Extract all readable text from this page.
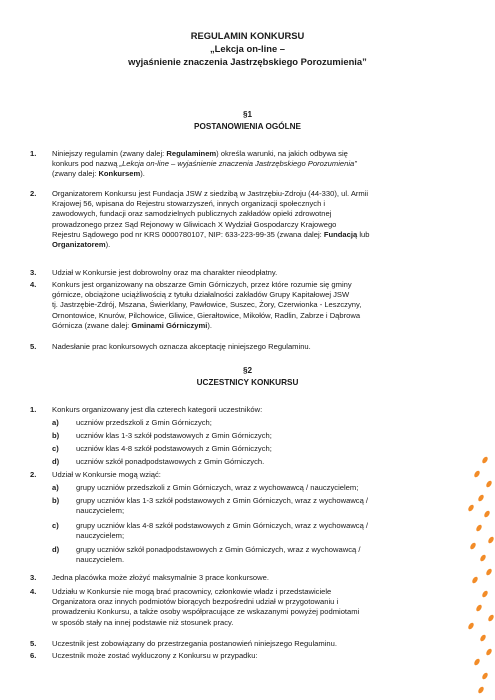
REGULAMIN KONKURSU
„Lekcja on-line –
wyjaśnienie znaczenia Jastrzębskiego Porozumienia”
§1
POSTANOWIENIA OGÓLNE
1. Niniejszy regulamin (zwany dalej: Regulaminem) określa warunki, na jakich odbywa się
konkurs pod nazwą „Lekcja on-line – wyjaśnienie znaczenia Jastrzębskiego Porozumienia”
(zwany dalej: Konkursem).
2. Organizatorem Konkursu jest Fundacja JSW z siedzibą w Jastrzębiu-Zdroju (44-330), ul. Armii
Krajowej 56, wpisana do Rejestru stowarzyszeń, innych organizacji społecznych i
zawodowych, fundacji oraz samodzielnych publicznych zakładów opieki zdrowotnej
prowadzonego przez Sąd Rejonowy w Gliwicach X Wydział Gospodarczy Krajowego
Rejestru Sądowego pod nr KRS 0000780107, NIP: 633-223-99-35 (zwana dalej: Fundacją lub
Organizatorem).
3. Udział w Konkursie jest dobrowolny oraz ma charakter nieodpłatny.
4. Konkurs jest organizowany na obszarze Gmin Górniczych, przez które rozumie się gminy
górnicze, obciążone uciążliwością z tytułu działalności zakładów Grupy Kapitałowej JSW
tj. Jastrzębie-Zdrój, Mszana, Świerklany, Pawłowice, Suszec, Żory, Czerwionka - Leszczyny,
Ornontowice, Knurów, Pilchowice, Gliwice, Gierałtowice, Mikołów, Radlin, Zabrze i Dąbrowa
Górnicza (zwane dalej: Gminami Górniczymi).
5. Nadesłanie prac konkursowych oznacza akceptację niniejszego Regulaminu.
§2
UCZESTNICY KONKURSU
1. Konkurs organizowany jest dla czterech kategorii uczestników:
a) uczniów przedszkoli z Gmin Górniczych;
b) uczniów klas 1-3 szkół podstawowych z Gmin Górniczych;
c) uczniów klas 4-8 szkół podstawowych z Gmin Górniczych;
d) uczniów szkół ponadpodstawowych z Gmin Górniczych.
2. Udział w Konkursie mogą wziąć:
a) grupy uczniów przedszkoli z Gmin Górniczych, wraz z wychowawcą / nauczycielem;
b) grupy uczniów klas 1-3 szkół podstawowych z Gmin Górniczych, wraz z wychowawcą /
nauczycielem;
c) grupy uczniów klas 4-8 szkół podstawowych z Gmin Górniczych, wraz z wychowawcą /
nauczycielem;
d) grupy uczniów szkół ponadpodstawowych z Gmin Górniczych, wraz z wychowawcą /
nauczycielem.
3. Jedna placówka może złożyć maksymalnie 3 prace konkursowe.
4. Udziału w Konkursie nie mogą brać pracownicy, członkowie władz i przedstawiciele
Organizatora oraz innych podmiotów biorących bezpośredni udział w przygotowaniu i
prowadzeniu Konkursu, a także osoby współpracujące ze wskazanymi powyżej podmiotami
w sposób stały na innej podstawie niż stosunek pracy.
5. Uczestnik jest zobowiązany do przestrzegania postanowień niniejszego Regulaminu.
6. Uczestnik może zostać wykluczony z Konkursu w przypadku:
